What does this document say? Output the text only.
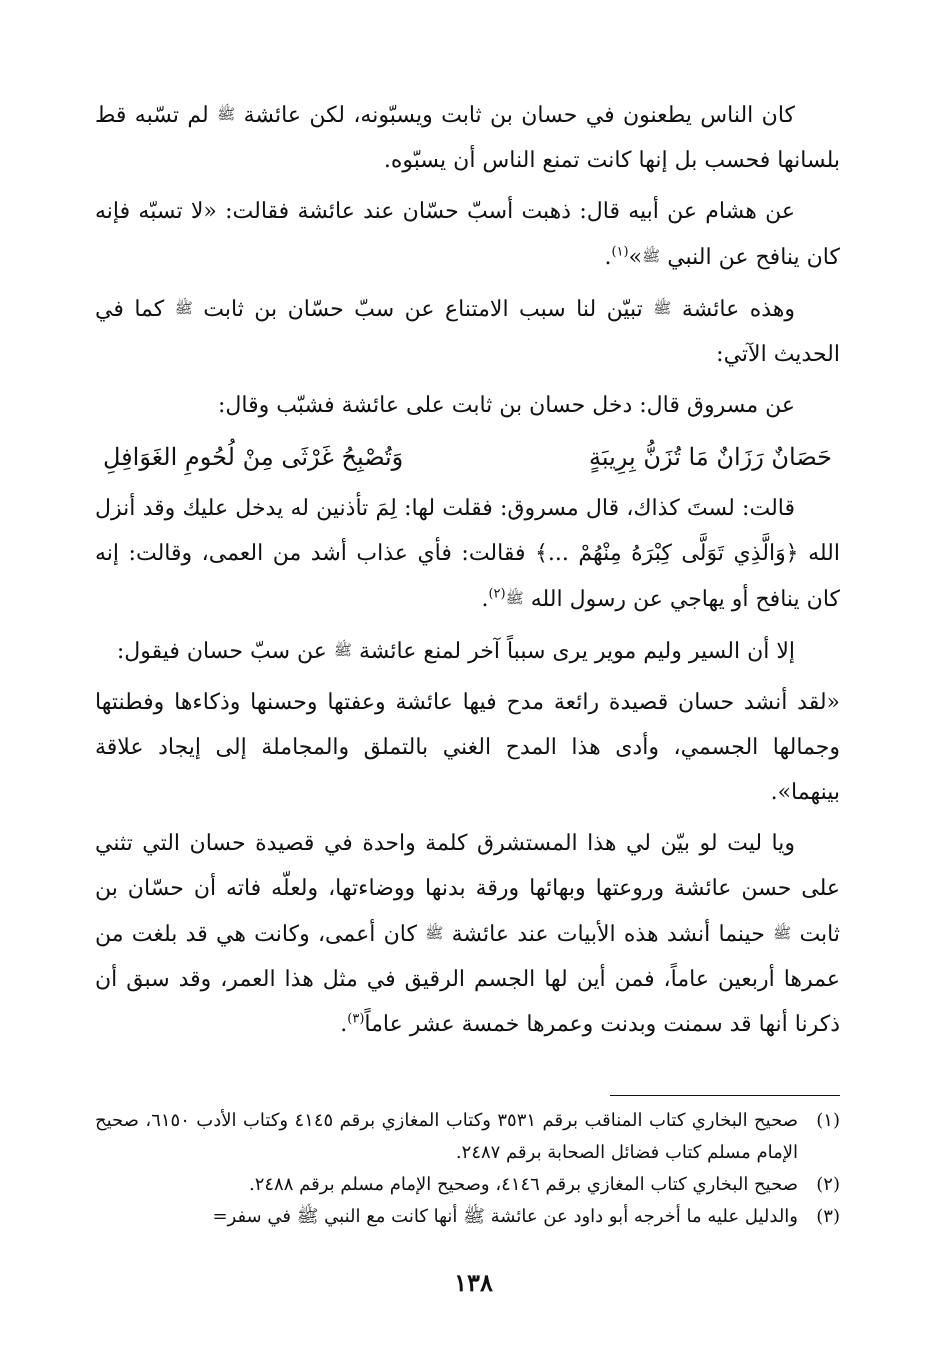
كان الناس يطعنون في حسان بن ثابت ويسبّونه، لكن عائشة ﷺ لم تسّبه قط بلسانها فحسب بل إنها كانت تمنع الناس أن يسبّوه.

عن هشام عن أبيه قال: ذهبت أسبّ حسّان عند عائشة فقالت: «لا تسبّه فإنه كان ينافح عن النبي ﷺ»$^{(١)}$.

وهذه عائشة ﷺ تبيّن لنا سبب الامتناع عن سبّ حسّان بن ثابت ﷺ كما في الحديث الآتي:

عن مسروق قال: دخل حسان بن ثابت على عائشة فشبّب وقال:

حَصَانٌ رَزَانٌ مَا تُزَنُّ بِرِيبَةٍ
وَتُصْبِحُ غَرْثَى مِنْ لُحُومِ الغَوَافِلِ

قالت: لستَ كذاك، قال مسروق: فقلت لها: لِمَ تأذنين له يدخل عليك وقد أنزل الله ﴿وَالَّذِي تَوَلَّى كِبْرَهُ مِنْهُمْ ...﴾ فقالت: فأي عذاب أشد من العمى، وقالت: إنه كان ينافح أو يهاجي عن رسول الله ﷺ$^{(٢)}$.

إلا أن السير وليم موير يرى سبباً آخر لمنع عائشة ﷺ عن سبّ حسان فيقول:

«لقد أنشد حسان قصيدة رائعة مدح فيها عائشة وعفتها وحسنها وذكاءها وفطنتها وجمالها الجسمي، وأدى هذا المدح الغني بالتملق والمجاملة إلى إيجاد علاقة بينهما».

ويا ليت لو بيّن لي هذا المستشرق كلمة واحدة في قصيدة حسان التي تثني على حسن عائشة وروعتها وبهائها ورقة بدنها ووضاءتها، ولعلّه فاته أن حسّان بن ثابت ﷺ حينما أنشد هذه الأبيات عند عائشة ﷺ كان أعمى، وكانت هي قد بلغت من عمرها أربعين عاماً، فمن أين لها الجسم الرقيق في مثل هذا العمر، وقد سبق أن ذكرنا أنها قد سمنت وبدنت وعمرها خمسة عشر عاماً$^{(٣)}$.

(١)
صحيح البخاري كتاب المناقب برقم ٣٥٣١ وكتاب المغازي برقم ٤١٤٥ وكتاب الأدب ٦١٥٠، صحيح الإمام مسلم كتاب فضائل الصحابة برقم ٢٤٨٧.
(٢)
صحيح البخاري كتاب المغازي برقم ٤١٤٦، وصحيح الإمام مسلم برقم ٢٤٨٨.
(٣)
والدليل عليه ما أخرجه أبو داود عن عائشة ﷺ أنها كانت مع النبي ﷺ في سفر=
١٣٨
